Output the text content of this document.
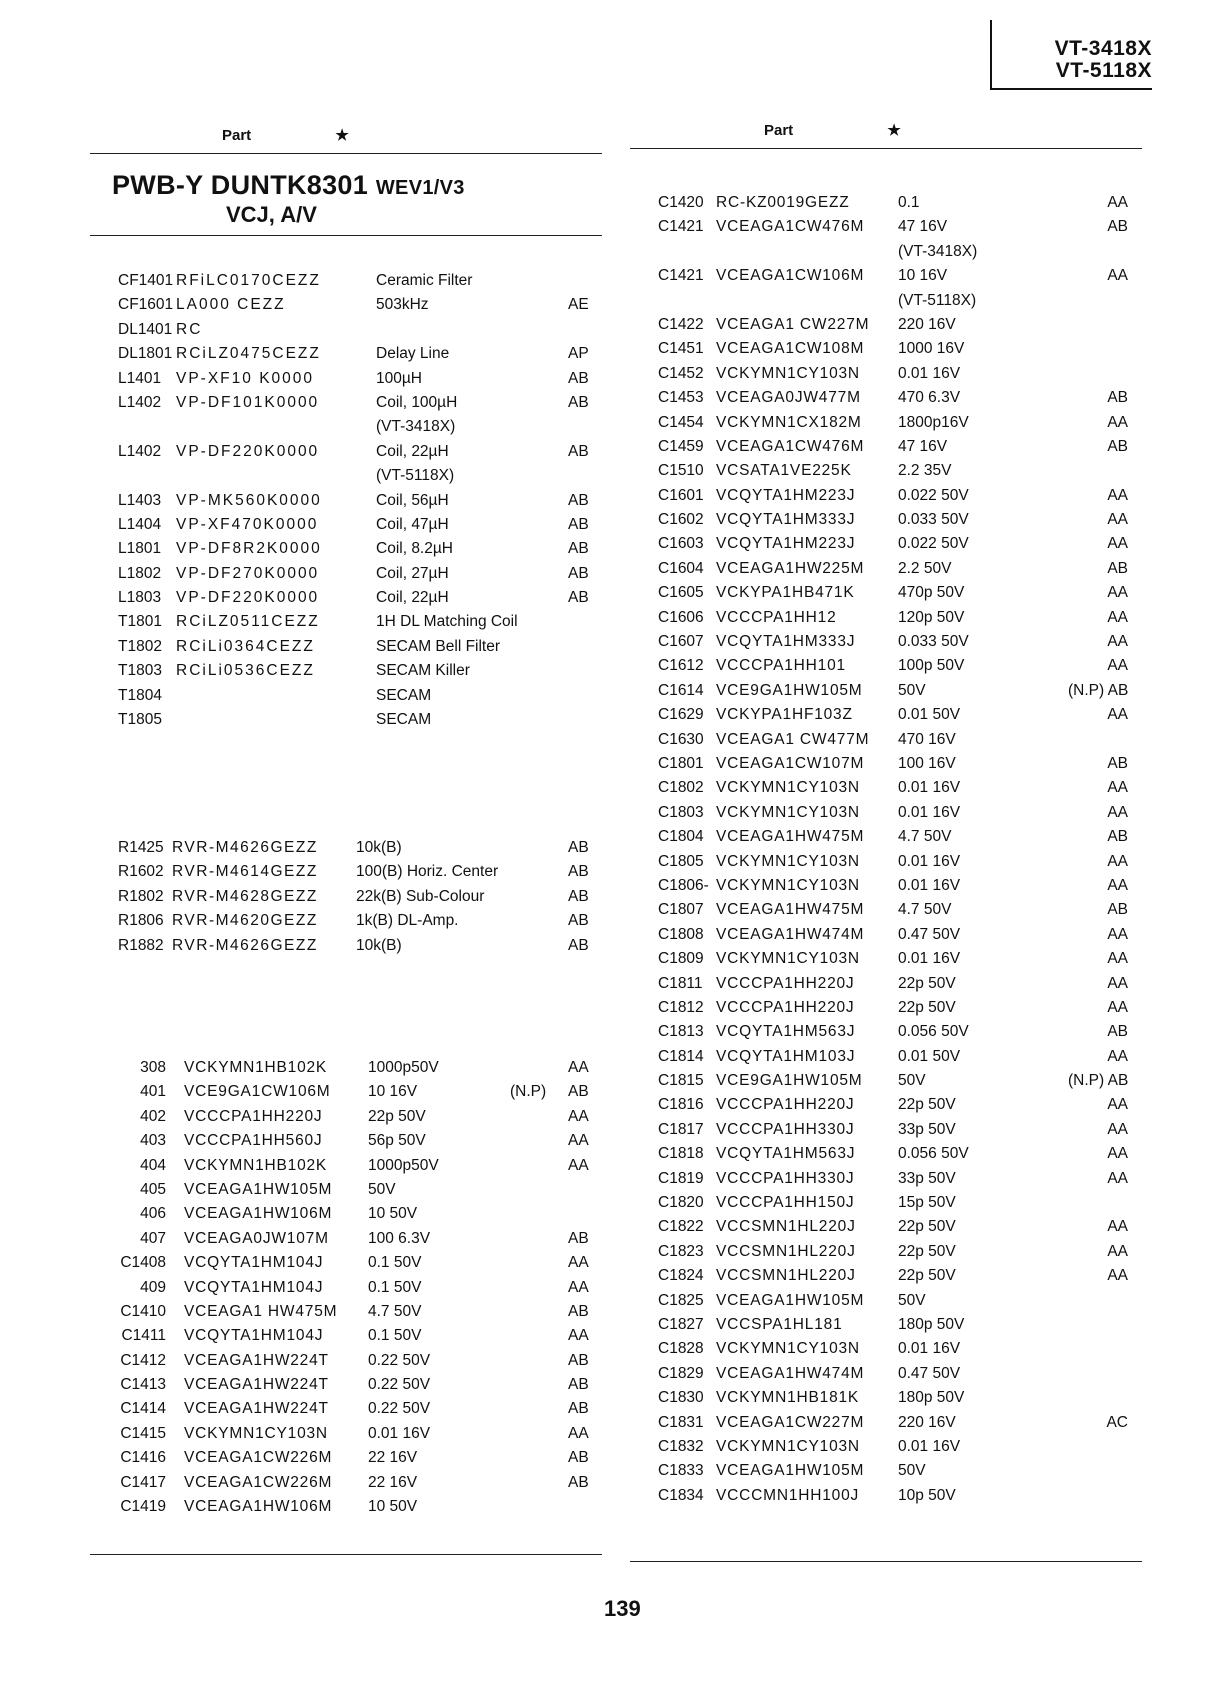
VT-3418X
VT-5118X
Part	★	Part	★
PWB-Y DUNTK8301 WEV1/V3
VCJ, A/V
CF1401 RFiLC0170CEZZ	Ceramic Filter
CF1601 LA000 CEZZ	503kHz	AE
DL1401 RC
DL1801 RCiLZ0475CEZZ	Delay Line	AP
L1401 VP-XF10 K0000	100µH	AB
L1402 VP-DF101K0000	Coil, 100µH	AB
(VT-3418X)
L1402 VP-DF220K0000	Coil, 22µH	AB
(VT-5118X)
L1403 VP-MK560K0000	Coil, 56µH	AB
L1404 VP-XF470K0000	Coil, 47µH	AB
L1801 VP-DF8R2K0000	Coil, 8.2µH	AB
L1802 VP-DF270K0000	Coil, 27µH	AB
L1803 VP-DF220K0000	Coil, 22µH	AB
T1801 RCiLZ0511CEZZ	1H DL Matching Coil
T1802 RCiLi0364CEZZ	SECAM Bell Filter
T1803 RCiLi0536CEZZ	SECAM Killer
T1804	SECAM
T1805	SECAM
R1425 RVR-M4626GEZZ 10k(B)	AB
R1602 RVR-M4614GEZZ 100(B) Horiz. Center	AB
R1802 RVR-M4628GEZZ 22k(B) Sub-Colour	AB
R1806 RVR-M4620GEZZ 1k(B) DL-Amp.	AB
R1882 RVR-M4626GEZZ 10k(B)	AB
308 VCKYMN1HB102K	1000p50V	AA
401 VCE9GA1CW106M 10 16V	(N.P) AB
402 VCCCPA1HH220J	22p 50V	AA
403 VCCCPA1HH560J	56p 50V	AA
404 VCKYMN1HB102K	1000p50V	AA
405 VCEAGA1HW105M 50V
406 VCEAGA1HW106M 10 50V
407 VCEAGA0JW107M	100 6.3V	AB
C1408 VCQYTA1HM104J	0.1 50V	AA
409 VCQYTA1HM104J	0.1 50V	AA
C1410 VCEAGA1 HW475M 4.7 50V	AB
C1411 VCQYTA1HM104J	0.1 50V	AA
C1412 VCEAGA1HW224T	0.22 50V	AB
C1413 VCEAGA1HW224T	0.22 50V	AB
C1414 VCEAGA1HW224T	0.22 50V	AB
C1415 VCKYMN1CY103N	0.01 16V	AA
C1416 VCEAGA1CW226M 22 16V	AB
C1417 VCEAGA1CW226M 22 16V	AB
C1419 VCEAGA1HW106M 10 50V
C1420 RC-KZ0019GEZZ	0.1	AA
C1421 VCEAGA1CW476M 47 16V	AB
(VT-3418X)
C1421 VCEAGA1CW106M 10 16V	AA
(VT-5118X)
C1422 VCEAGA1 CW227M 220 16V
C1451 VCEAGA1CW108M 1000 16V
C1452 VCKYMN1CY103N 0.01 16V
C1453 VCEAGA0JW477M 470 6.3V	AB
C1454 VCKYMN1CX182M 1800p16V	AA
C1459 VCEAGA1CW476M 47 16V	AB
C1510 VCSATA1VE225K	2.2 35V
C1601 VCQYTA1HM223J	0.022 50V	AA
C1602 VCQYTA1HM333J	0.033 50V	AA
C1603 VCQYTA1HM223J	0.022 50V	AA
C1604 VCEAGA1HW225M 2.2 50V	AB
C1605 VCKYPA1HB471K	470p 50V	AA
C1606 VCCCPA1HH12	120p 50V	AA
C1607 VCQYTA1HM333J	0.033 50V	AA
C1612 VCCCPA1HH101	100p 50V	AA
C1614 VCE9GA1HW105M 50V	(N.P) AB
C1629 VCKYPA1HF103Z	0.01 50V	AA
C1630 VCEAGA1 CW477M 470 16V
C1801 VCEAGA1CW107M 100 16V	AB
C1802 VCKYMN1CY103N 0.01 16V	AA
C1803 VCKYMN1CY103N 0.01 16V	AA
C1804 VCEAGA1HW475M 4.7 50V	AB
C1805 VCKYMN1CY103N 0.01 16V	AA
C1806- VCKYMN1CY103N 0.01 16V	AA
C1807 VCEAGA1HW475M 4.7 50V	AB
C1808 VCEAGA1HW474M 0.47 50V	AA
C1809 VCKYMN1CY103N 0.01 16V	AA
C1811 VCCCPA1HH220J	22p 50V	AA
C1812 VCCCPA1HH220J	22p 50V	AA
C1813 VCQYTA1HM563J	0.056 50V	AB
C1814 VCQYTA1HM103J	0.01 50V	AA
C1815 VCE9GA1HW105M 50V	(N.P) AB
C1816 VCCCPA1HH220J	22p 50V	AA
C1817 VCCCPA1HH330J	33p 50V	AA
C1818 VCQYTA1HM563J	0.056 50V	AA
C1819 VCCCPA1HH330J	33p 50V	AA
C1820 VCCCPA1HH150J	15p 50V
C1822 VCCSMN1HL220J	22p 50V	AA
C1823 VCCSMN1HL220J	22p 50V	AA
C1824 VCCSMN1HL220J	22p 50V	AA
C1825 VCEAGA1HW105M 50V
C1827 VCCSPA1HL181	180p 50V
C1828 VCKYMN1CY103N 0.01 16V
C1829 VCEAGA1HW474M 0.47 50V
C1830 VCKYMN1HB181K	180p 50V
C1831 VCEAGA1CW227M 220 16V	AC
C1832 VCKYMN1CY103N 0.01 16V
C1833 VCEAGA1HW105M 50V
C1834 VCCCMN1HH100J	10p 50V
139
